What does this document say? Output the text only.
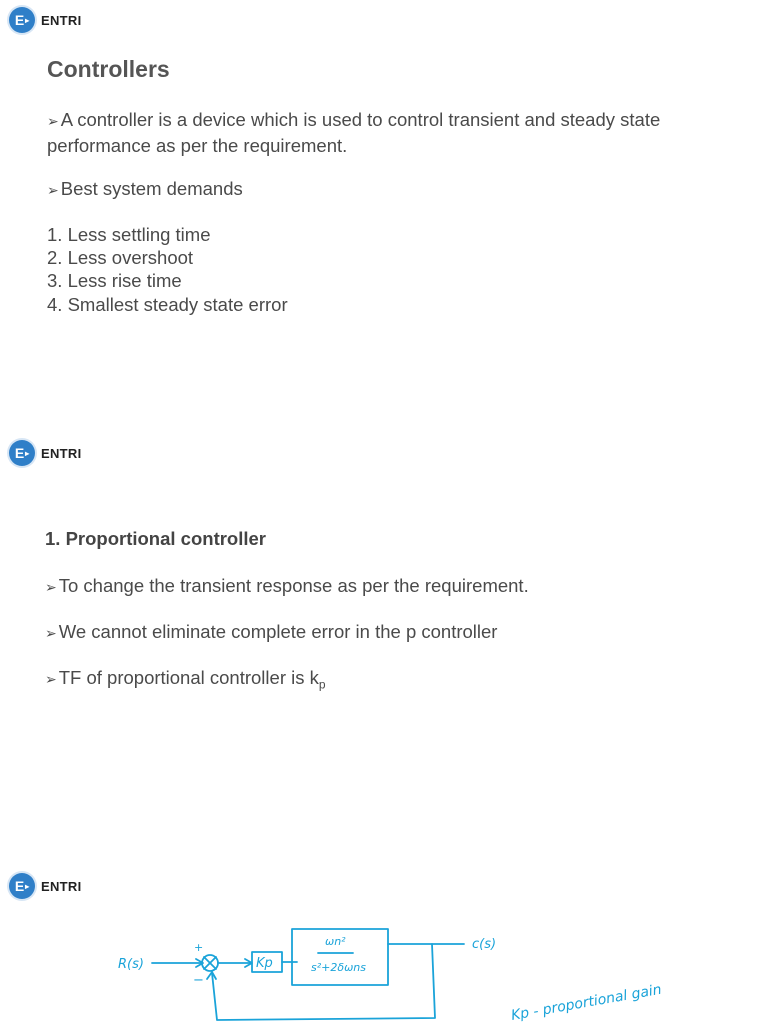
E ▸ ENTRI
Controllers
➢ A controller is a device which is used to control transient and steady state performance as per the requirement.
➢ Best system demands
1. Less settling time
2. Less overshoot
3. Less rise time
4. Smallest steady state error
E ▸ ENTRI
1. Proportional controller
➢ To change the transient response as per the requirement.
➢ We cannot eliminate complete error in the p controller
➢ TF of proportional controller is $k_p$
E ▸ ENTRI
R(s)
+
−
Kp
ωn²
s²+2δωns
c(s)
Kp - proportional gain
